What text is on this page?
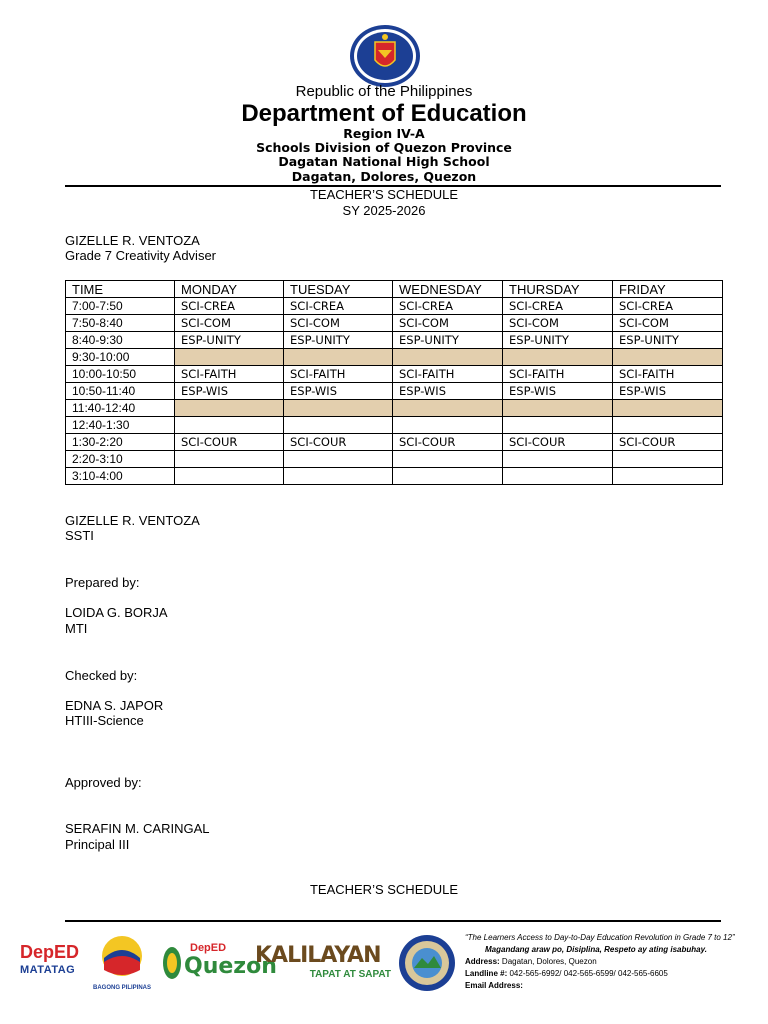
Republic of the Philippines
Department of Education
Region IV-A
Schools Division of Quezon Province
Dagatan National High School
Dagatan, Dolores, Quezon
TEACHER’S SCHEDULE
SY 2025-2026
GIZELLE R. VENTOZA
Grade 7 Creativity Adviser
TIME	MONDAY	TUESDAY	WEDNESDAY	THURSDAY	FRIDAY
7:00-7:50	SCI-CREA	SCI-CREA	SCI-CREA	SCI-CREA	SCI-CREA
7:50-8:40	SCI-COM	SCI-COM	SCI-COM	SCI-COM	SCI-COM
8:40-9:30	ESP-UNITY	ESP-UNITY	ESP-UNITY	ESP-UNITY	ESP-UNITY
9:30-10:00					
10:00-10:50	SCI-FAITH	SCI-FAITH	SCI-FAITH	SCI-FAITH	SCI-FAITH
10:50-11:40	ESP-WIS	ESP-WIS	ESP-WIS	ESP-WIS	ESP-WIS
11:40-12:40					
12:40-1:30					
1:30-2:20	SCI-COUR	SCI-COUR	SCI-COUR	SCI-COUR	SCI-COUR
2:20-3:10					
3:10-4:00					
GIZELLE R. VENTOZA
SSTI
Prepared by:
LOIDA G. BORJA
MTI
Checked by:
EDNA S. JAPOR
HTIII-Science
Approved by:
SERAFIN M. CARINGAL
Principal III
TEACHER’S SCHEDULE
DepED
MATATAG
BAGONG PILIPINAS
DepED
Quezon
KALILAYAN
TAPAT AT SAPAT
“The Learners Access to Day-to-Day Education Revolution in Grade 7 to 12”
Magandang araw po, Disiplina, Respeto ay ating isabuhay.
Address: Dagatan, Dolores, Quezon
Landline #: 042-565-6992/ 042-565-6599/ 042-565-6605
Email Address:
